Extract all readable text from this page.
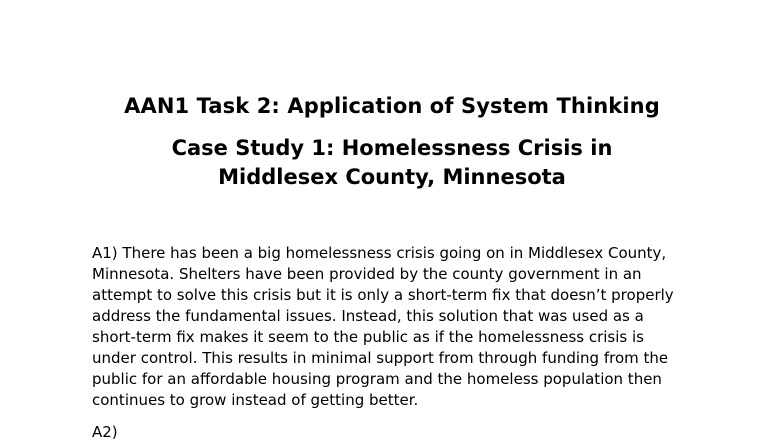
AAN1 Task 2: Application of System Thinking
Case Study 1: Homelessness Crisis in
Middlesex County, Minnesota
A1) There has been a big homelessness crisis going on in Middlesex County,
Minnesota. Shelters have been provided by the county government in an
attempt to solve this crisis but it is only a short-term fix that doesn’t properly
address the fundamental issues. Instead, this solution that was used as a
short-term fix makes it seem to the public as if the homelessness crisis is
under control. This results in minimal support from through funding from the
public for an affordable housing program and the homeless population then
continues to grow instead of getting better.
A2)
